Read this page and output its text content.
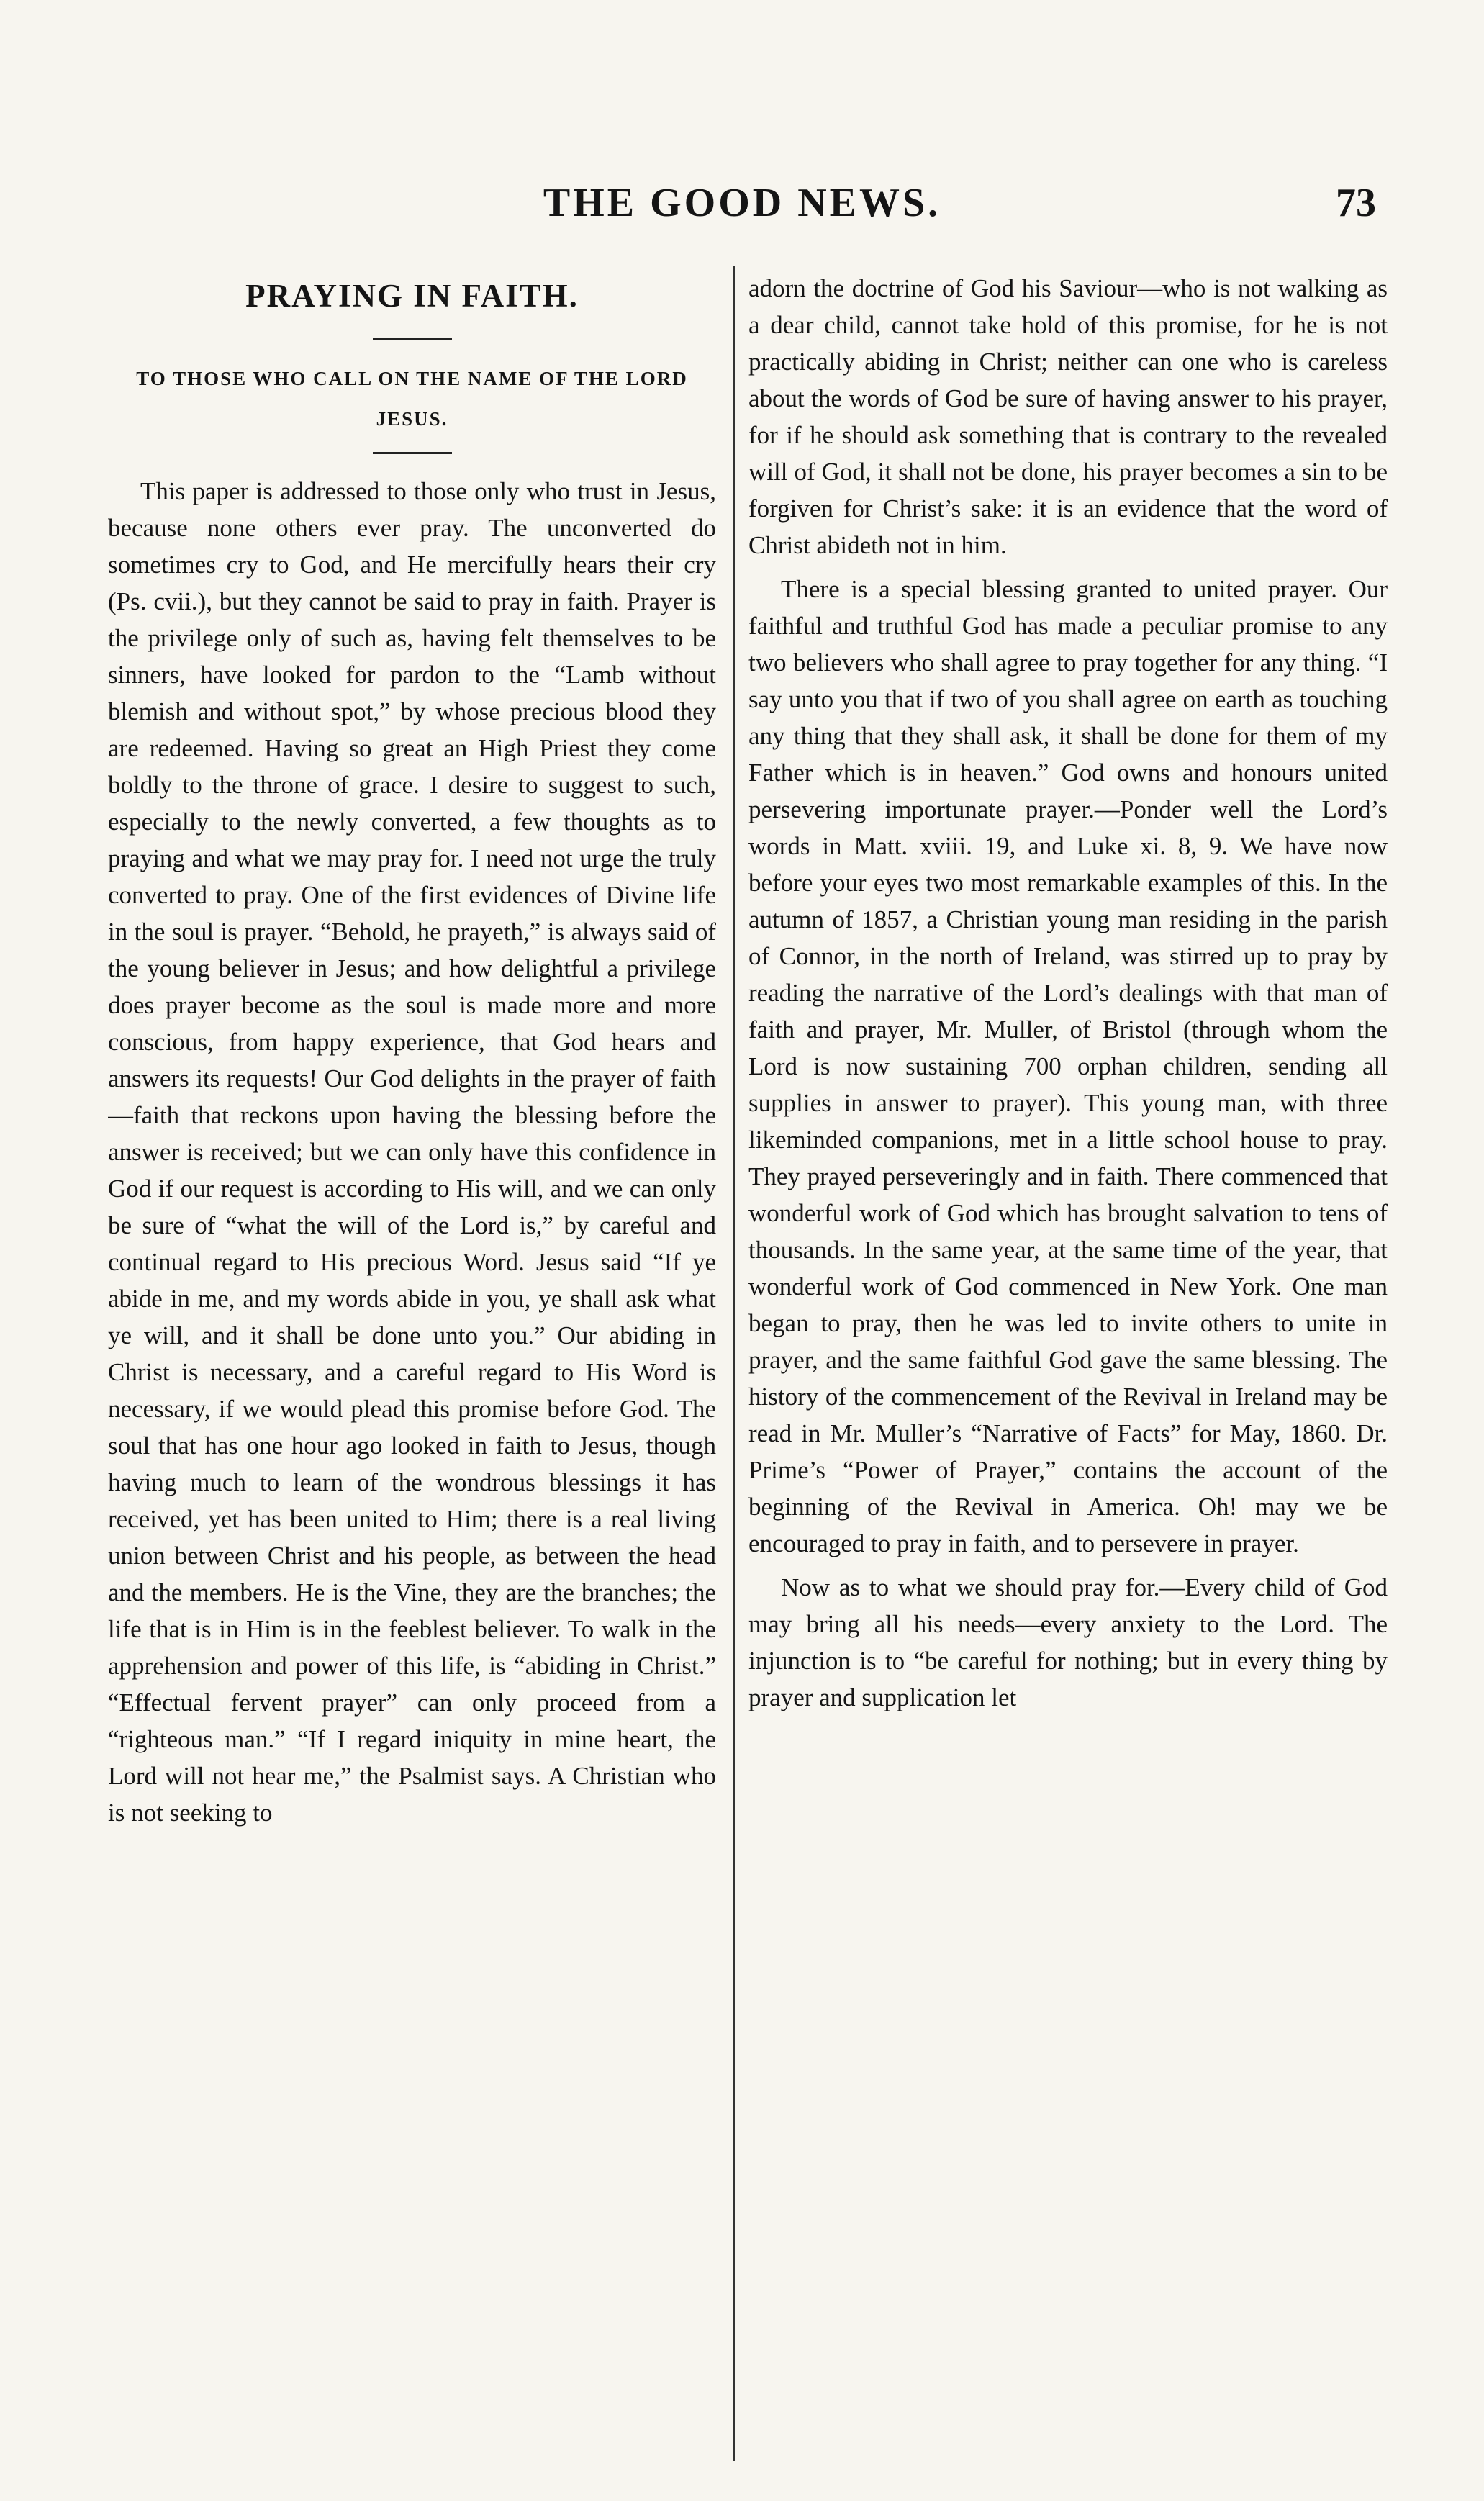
THE GOOD NEWS.	73
PRAYING IN FAITH.
TO THOSE WHO CALL ON THE NAME OF THE LORD JESUS.

This paper is addressed to those only who trust in Jesus, because none others ever pray. The unconverted do sometimes cry to God, and He mercifully hears their cry (Ps. cvii.), but they cannot be said to pray in faith. Prayer is the privilege only of such as, having felt themselves to be sinners, have looked for pardon to the “Lamb without blemish and without spot,” by whose precious blood they are redeemed. Having so great an High Priest they come boldly to the throne of grace. I desire to suggest to such, especially to the newly converted, a few thoughts as to praying and what we may pray for. I need not urge the truly converted to pray. One of the first evidences of Divine life in the soul is prayer. “Behold, he prayeth,” is always said of the young believer in Jesus; and how delightful a privilege does prayer become as the soul is made more and more conscious, from happy experience, that God hears and answers its requests! Our God delights in the prayer of faith—faith that reckons upon having the blessing before the answer is received; but we can only have this confidence in God if our request is according to His will, and we can only be sure of “what the will of the Lord is,” by careful and continual regard to His precious Word. Jesus said “If ye abide in me, and my words abide in you, ye shall ask what ye will, and it shall be done unto you.” Our abiding in Christ is necessary, and a careful regard to His Word is necessary, if we would plead this promise before God. The soul that has one hour ago looked in faith to Jesus, though having much to learn of the wondrous blessings it has received, yet has been united to Him; there is a real living union between Christ and his people, as between the head and the members. He is the Vine, they are the branches; the life that is in Him is in the feeblest believer. To walk in the apprehension and power of this life, is “abiding in Christ.” “Effectual fervent prayer” can only proceed from a “righteous man.” “If I regard iniquity in mine heart, the Lord will not hear me,” the Psalmist says. A Christian who is not seeking to

adorn the doctrine of God his Saviour—who is not walking as a dear child, cannot take hold of this promise, for he is not practically abiding in Christ; neither can one who is careless about the words of God be sure of having answer to his prayer, for if he should ask something that is contrary to the revealed will of God, it shall not be done, his prayer becomes a sin to be forgiven for Christ’s sake: it is an evidence that the word of Christ abideth not in him.

There is a special blessing granted to united prayer. Our faithful and truthful God has made a peculiar promise to any two believers who shall agree to pray together for any thing. “I say unto you that if two of you shall agree on earth as touching any thing that they shall ask, it shall be done for them of my Father which is in heaven.” God owns and honours united persevering importunate prayer.—Ponder well the Lord’s words in Matt. xviii. 19, and Luke xi. 8, 9. We have now before your eyes two most remarkable examples of this. In the autumn of 1857, a Christian young man residing in the parish of Connor, in the north of Ireland, was stirred up to pray by reading the narrative of the Lord’s dealings with that man of faith and prayer, Mr. Muller, of Bristol (through whom the Lord is now sustaining 700 orphan children, sending all supplies in answer to prayer). This young man, with three likeminded companions, met in a little school house to pray. They prayed perseveringly and in faith. There commenced that wonderful work of God which has brought salvation to tens of thousands. In the same year, at the same time of the year, that wonderful work of God commenced in New York. One man began to pray, then he was led to invite others to unite in prayer, and the same faithful God gave the same blessing. The history of the commencement of the Revival in Ireland may be read in Mr. Muller’s “Narrative of Facts” for May, 1860. Dr. Prime’s “Power of Prayer,” contains the account of the beginning of the Revival in America. Oh! may we be encouraged to pray in faith, and to persevere in prayer.

Now as to what we should pray for.—Every child of God may bring all his needs—every anxiety to the Lord. The injunction is to “be careful for nothing; but in every thing by prayer and supplication let
